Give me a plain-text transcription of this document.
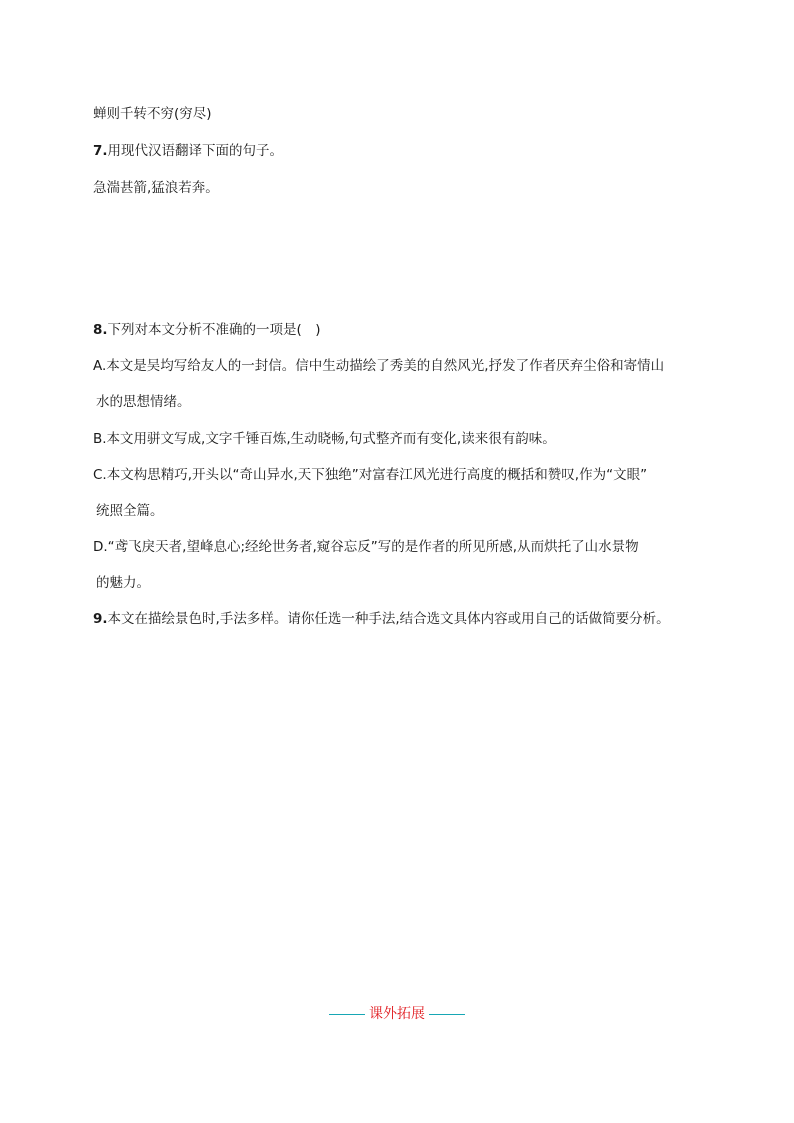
蝉则千转不穷(穷尽)
7.用现代汉语翻译下面的句子。
急湍甚箭,猛浪若奔。
8.下列对本文分析不准确的一项是(　)
A.本文是吴均写给友人的一封信。信中生动描绘了秀美的自然风光,抒发了作者厌弃尘俗和寄情山
水的思想情绪。
B.本文用骈文写成,文字千锤百炼,生动晓畅,句式整齐而有变化,读来很有韵味。
C.本文构思精巧,开头以“奇山异水,天下独绝”对富春江风光进行高度的概括和赞叹,作为“文眼”
统照全篇。
D.“鸢飞戾天者,望峰息心;经纶世务者,窥谷忘反”写的是作者的所见所感,从而烘托了山水景物
的魅力。
9.本文在描绘景色时,手法多样。请你任选一种手法,结合选文具体内容或用自己的话做简要分析。
课外拓展
